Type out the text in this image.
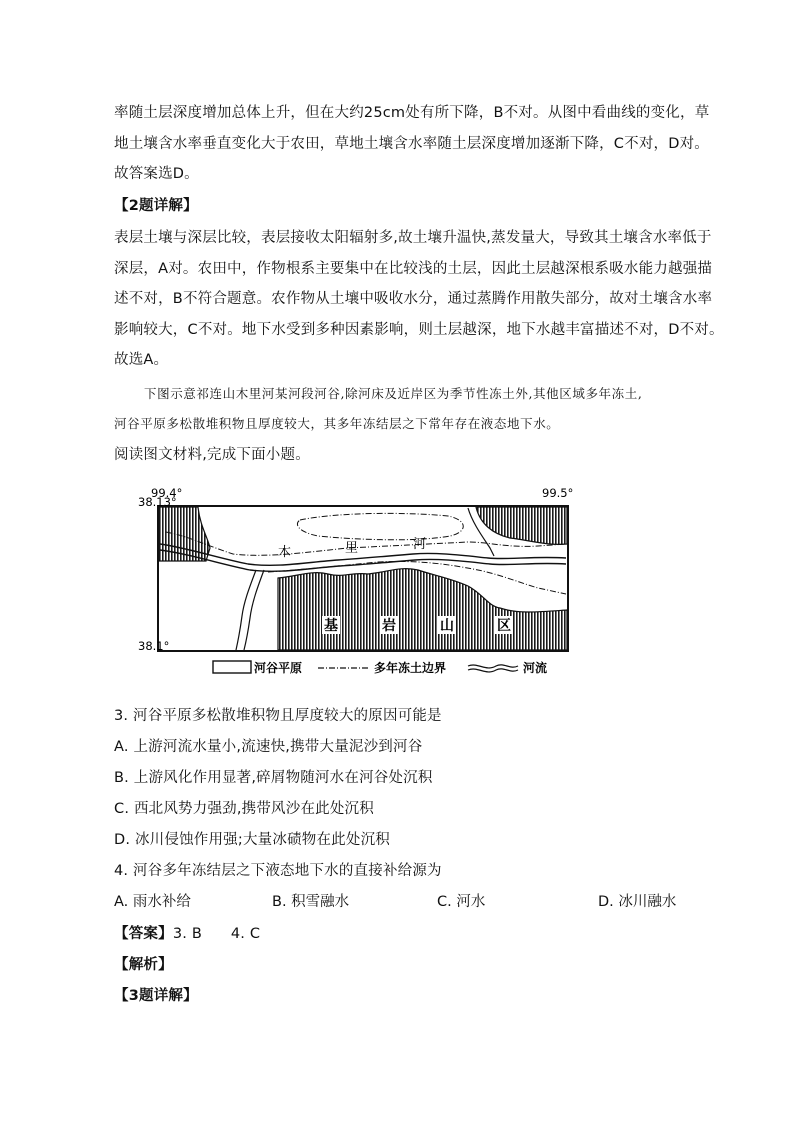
率随土层深度增加总体上升，但在大约25cm处有所下降，B不对。从图中看曲线的变化，草
地土壤含水率垂直变化大于农田，草地土壤含水率随土层深度增加逐渐下降，C不对，D对。
故答案选D。
【2题详解】
表层土壤与深层比较，表层接收太阳辐射多,故土壤升温快,蒸发量大，导致其土壤含水率低于
深层，A对。农田中，作物根系主要集中在比较浅的土层，因此土层越深根系吸水能力越强描
述不对，B不符合题意。农作物从土壤中吸收水分，通过蒸腾作用散失部分，故对土壤含水率
影响较大，C不对。地下水受到多种因素影响，则土层越深，地下水越丰富描述不对，D不对。
故选A。
下图示意祁连山木里河某河段河谷,除河床及近岸区为季节性冻土外,其他区域多年冻土,
河谷平原多松散堆积物且厚度较大，其多年冻结层之下常年存在液态地下水。
阅读图文材料,完成下面小题。
99.4°	99.5°
38.13°
38.1°
木	里	河
基	岩	山	区
河谷平原	多年冻土边界	河流
3. 河谷平原多松散堆积物且厚度较大的原因可能是
A. 上游河流水量小,流速快,携带大量泥沙到河谷
B. 上游风化作用显著,碎屑物随河水在河谷处沉积
C. 西北风势力强劲,携带风沙在此处沉积
D. 冰川侵蚀作用强;大量冰碛物在此处沉积
4. 河谷多年冻结层之下液态地下水的直接补给源为
A. 雨水补给	B. 积雪融水	C. 河水	D. 冰川融水
【答案】3. B      4. C
【解析】
【3题详解】
